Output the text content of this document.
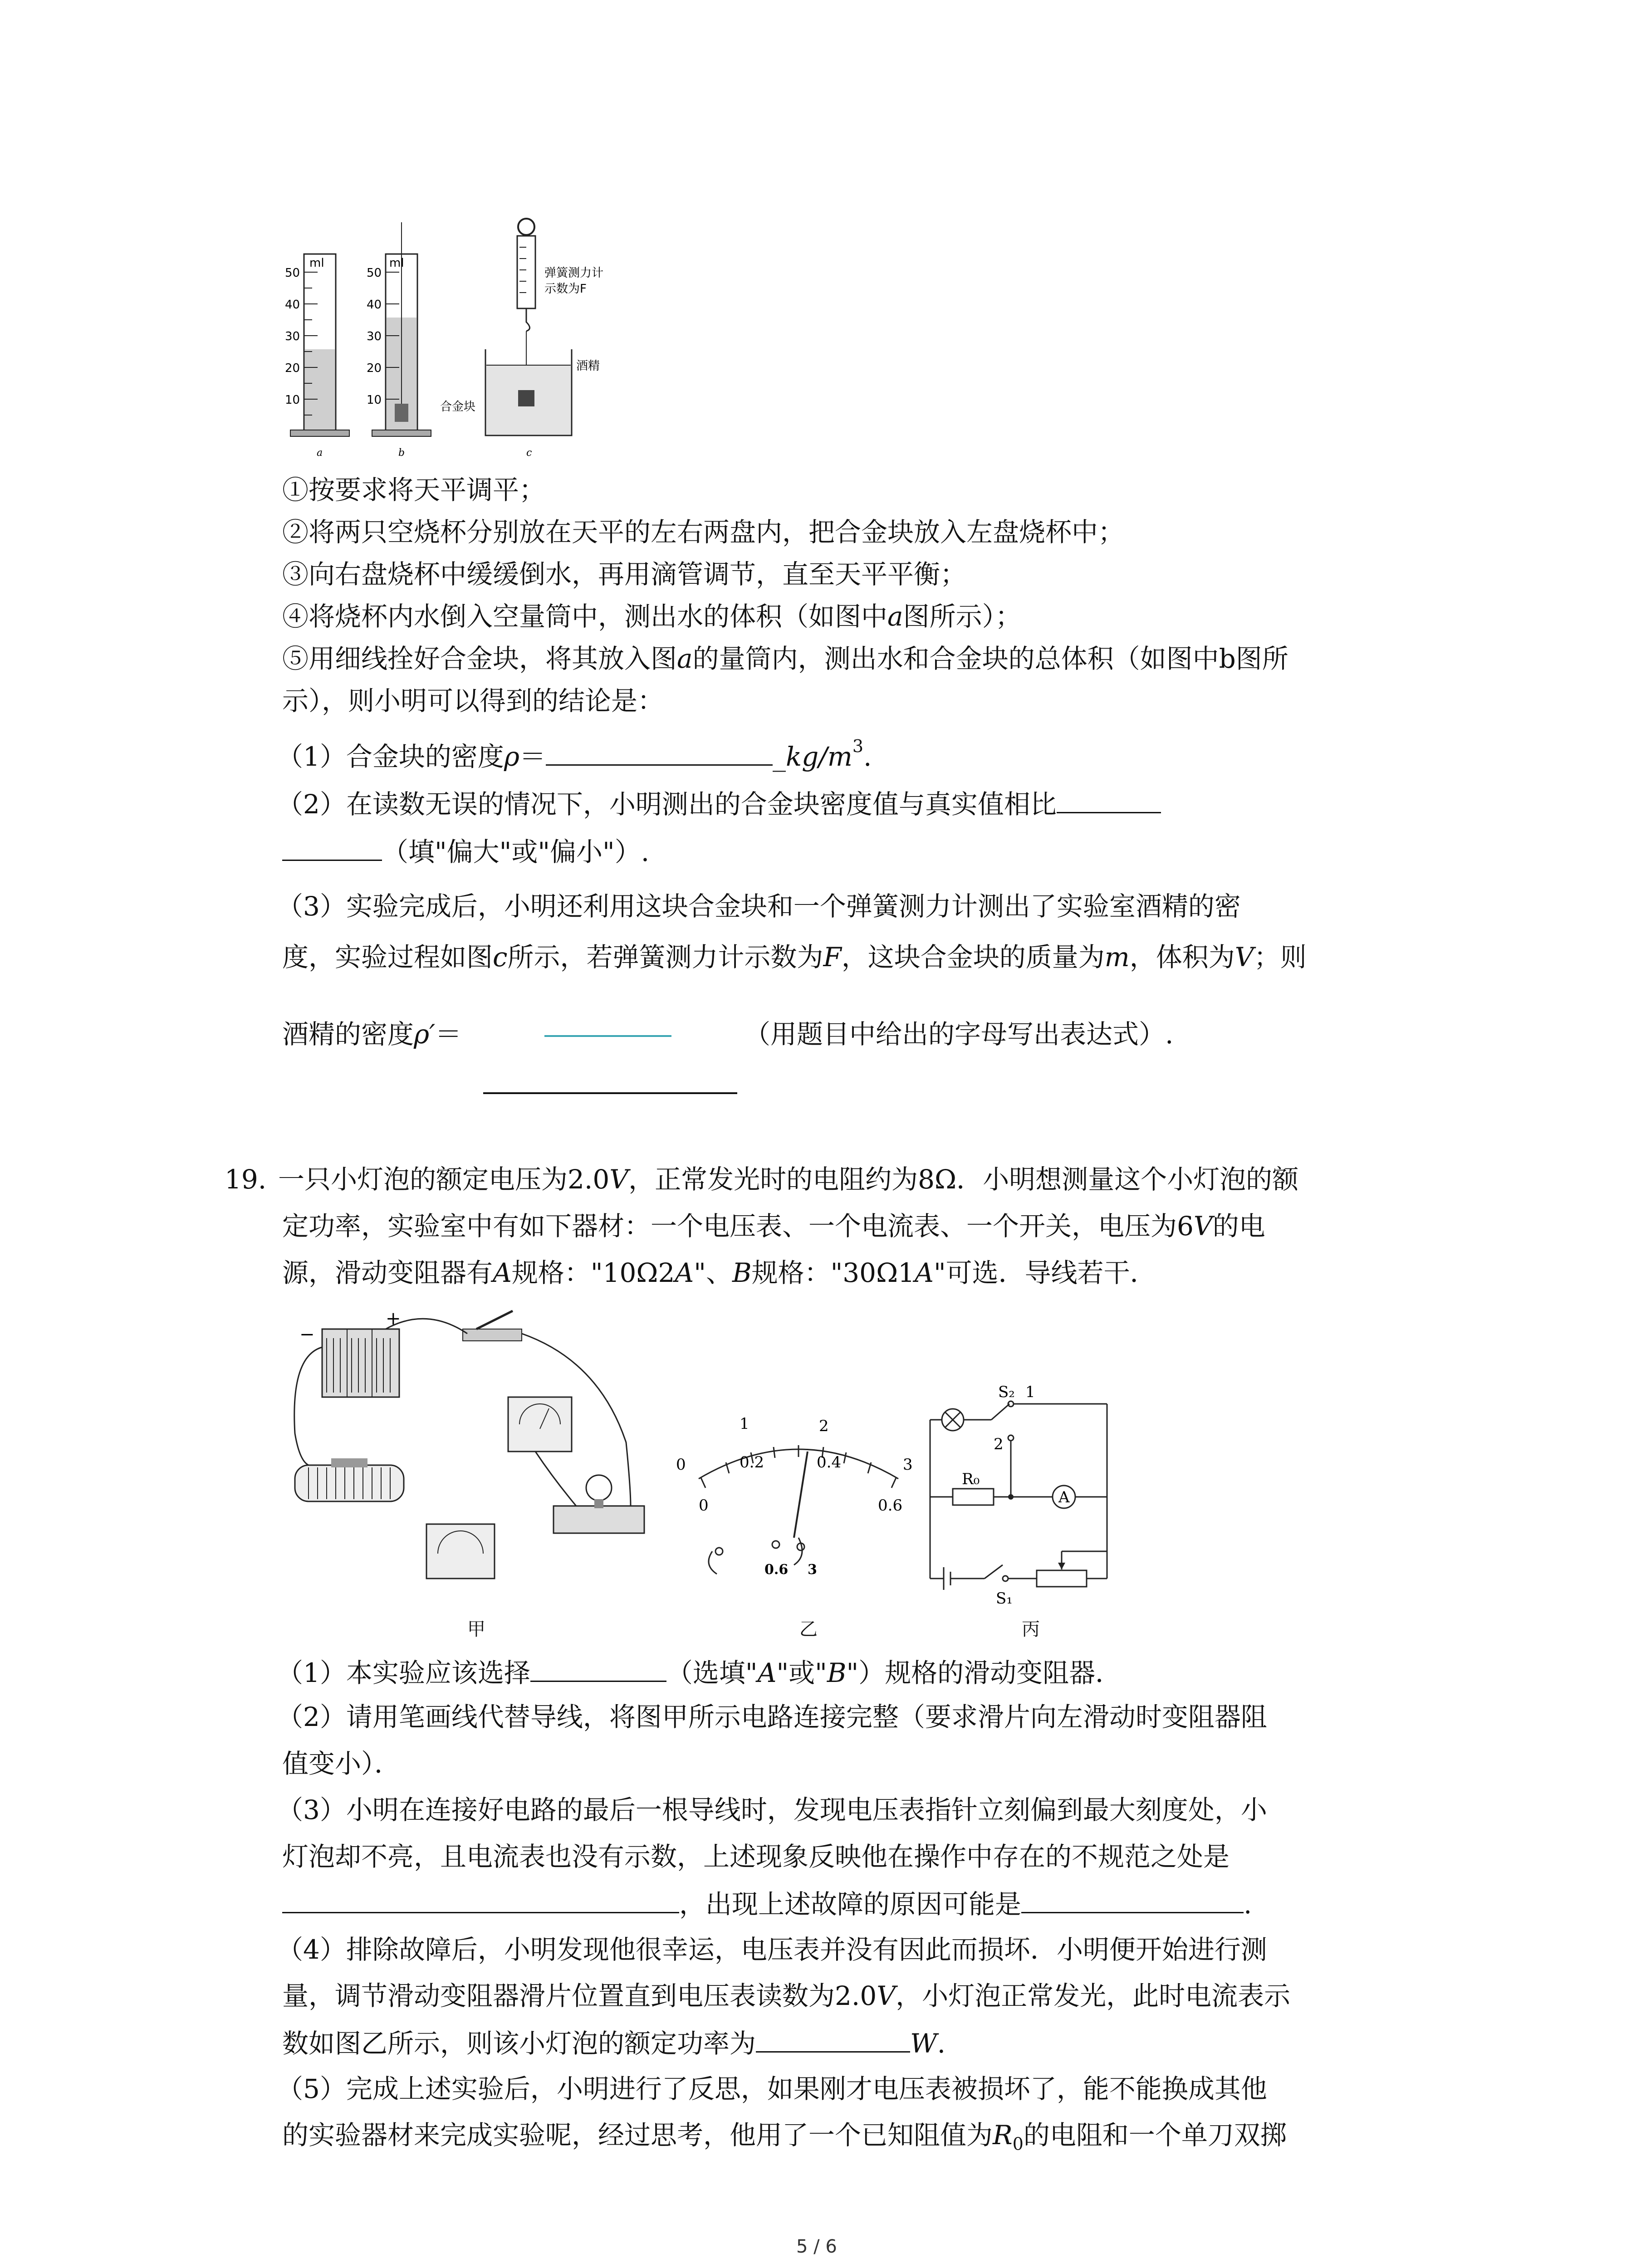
ml
50
40
30
20
10
ml
50
40
30
20
10
弹簧测力计
示数为F
酒精
合金块
a	b	c
①按要求将天平调平；
②将两只空烧杯分别放在天平的左右两盘内，把合金块放入左盘烧杯中；
③向右盘烧杯中缓缓倒水，再用滴管调节，直至天平平衡；
④将烧杯内水倒入空量筒中，测出水的体积（如图中a图所示）；
⑤用细线拴好合金块，将其放入图a的量筒内，测出水和合金块的总体积（如图中b图所
示），则小明可以得到的结论是：
（1）合金块的密度ρ＝	$\_kg/m^3$.
（2）在读数无误的情况下，小明测出的合金块密度值与真实值相比
（填"偏大"或"偏小"）.
（3）实验完成后，小明还利用这块合金块和一个弹簧测力计测出了实验室酒精的密
度，实验过程如图c所示，若弹簧测力计示数为F，这块合金块的质量为m，体积为V；则
酒精的密度ρ′＝	（用题目中给出的字母写出表达式）.
19. 一只小灯泡的额定电压为2.0V，正常发光时的电阻约为8Ω．小明想测量这个小灯泡的额
定功率，实验室中有如下器材：一个电压表、一个电流表、一个开关，电压为6V的电
源，滑动变阻器有A规格："10Ω2A"、B规格："30Ω1A"可选．导线若干．
−
+
甲
0
1	2
3
0
0.2	0.4
0.6
0.6 3
乙
S₂ 1
2
R₀
A
S₁
丙
（1）本实验应该选择	（选填"A"或"B"）规格的滑动变阻器．
（2）请用笔画线代替导线，将图甲所示电路连接完整（要求滑片向左滑动时变阻器阻
值变小）．
（3）小明在连接好电路的最后一根导线时，发现电压表指针立刻偏到最大刻度处，小
灯泡却不亮，且电流表也没有示数，上述现象反映他在操作中存在的不规范之处是
，出现上述故障的原因可能是	.
（4）排除故障后，小明发现他很幸运，电压表并没有因此而损坏．小明便开始进行测
量，调节滑动变阻器滑片位置直到电压表读数为2.0V，小灯泡正常发光，此时电流表示
数如图乙所示，则该小灯泡的额定功率为	W.
（5）完成上述实验后，小明进行了反思，如果刚才电压表被损坏了，能不能换成其他
的实验器材来完成实验呢，经过思考，他用了一个已知阻值为$R_0$的电阻和一个单刀双掷
5 / 6
